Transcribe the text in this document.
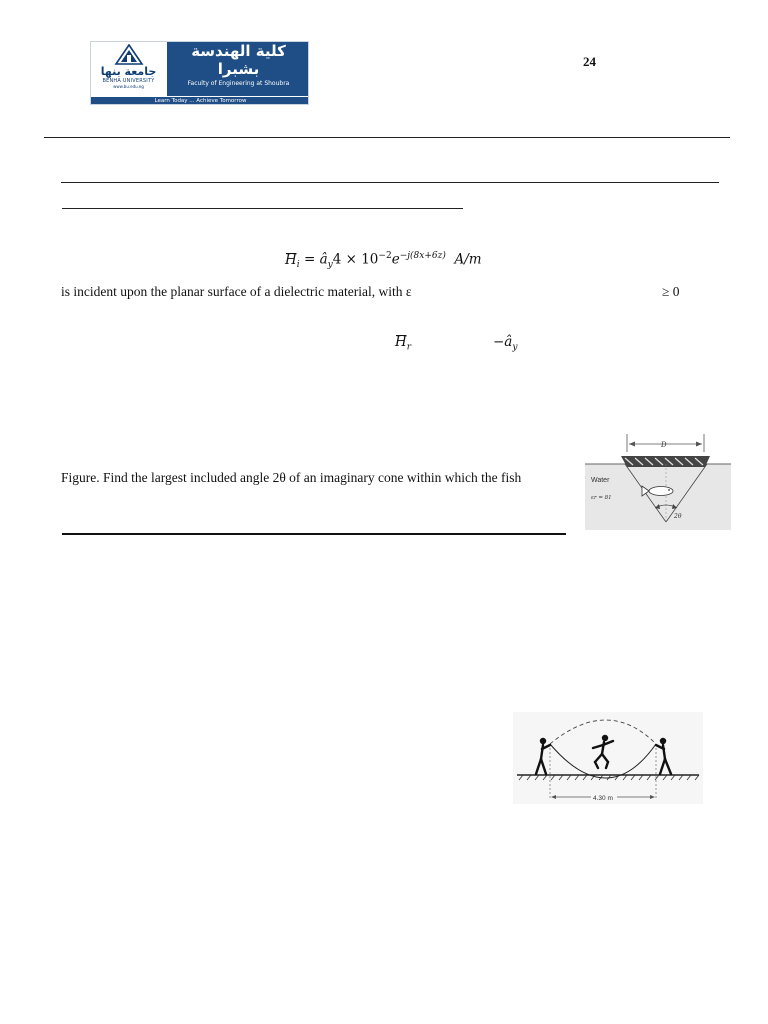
جامعة بنها
BENHA UNIVERSITY
www.bu.edu.eg
كلية الهندسة
بشبرا
Faculty of Engineering at Shoubra
Learn Today ... Achieve Tomorrow
24
$H_i$ = $â_y4 \times 10^{-2}e^{-j(8x+6z)}$ A/m
is incident upon the planar surface of a dielectric material, with ε	≥ 0
$H_r$	$-â_y$
Figure. Find the largest included angle 2θ of an imaginary cone within which the fish
D
Water
εr = 81
2θ
4.30 m
